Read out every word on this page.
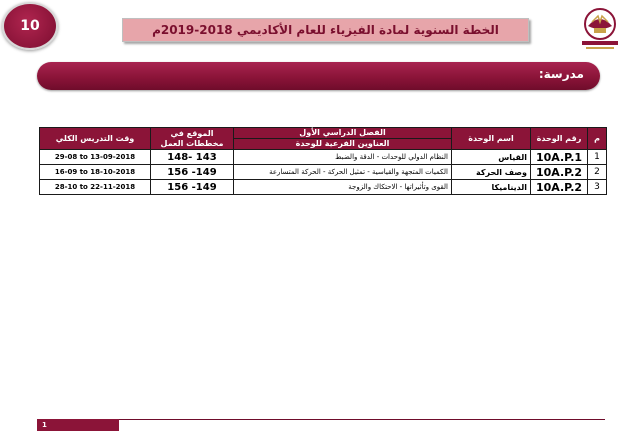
10	الخطة السنوية لمادة الفيزياء للعام الأكاديمي 2018-2019م
مدرسة:
م	رقم الوحدة	اسم الوحدة	الفصل الدراسي الأول	الموقع في مخططات العمل	وقت التدريس الكلي
			العناوين الفرعية للوحدة		
1	10A.P.1	القياس	النظام الدولي للوحدات - الدقة والضبط	148- 143	29-08 to 13-09-2018
2	10A.P.2	وصف الحركة	الكميات المتجهة والقياسية - تمثيل الحركة - الحركة المتسارعة	156 -149	16-09 to 18-10-2018
3	10A.P.2	الديناميكا	القوى وتأثيراتها - الاحتكاك والزوجة	156 -149	28-10 to 22-11-2018
1
